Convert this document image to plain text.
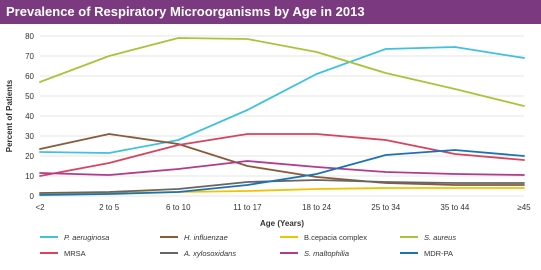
Prevalence of Respiratory Microorganisms by Age in 2013
0
10
20
30
40
50
60
70
80
<2	2 to 5	6 to 10	11 to 17	18 to 24	25 to 34	35 to 44	≥45
Age (Years)
Percent of Patients
P. aeruginosa	H. influenzae	B.cepacia complex	S. aureus
MRSA	A. xylosoxidans	S. maltophilia	MDR-PA
